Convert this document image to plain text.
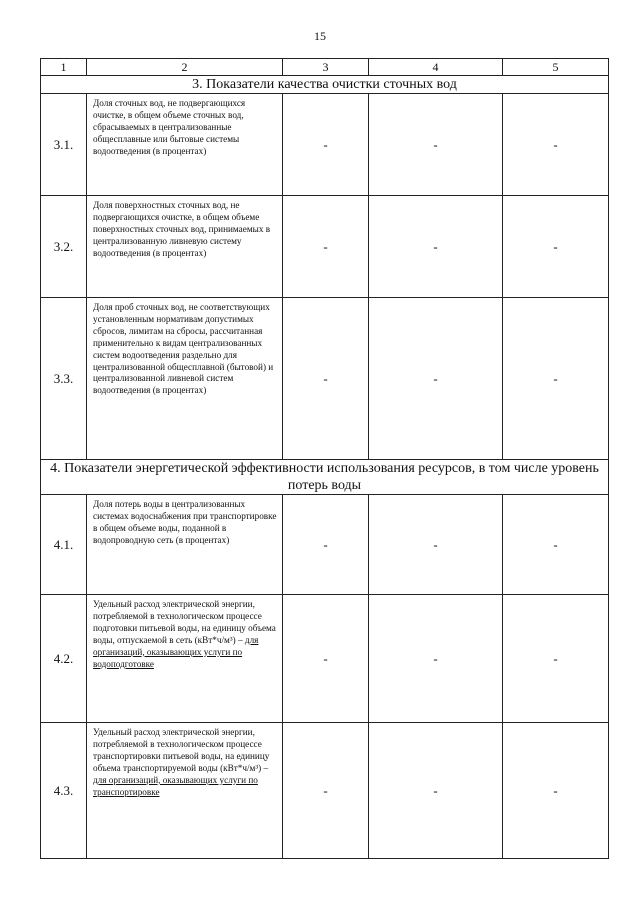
15
1	2	3	4	5
3. Показатели качества очистки сточных вод				
3.1.	Доля сточных вод, не подвергающихся очистке, в общем объеме сточных вод, сбрасываемых в централизованные общесплавные или бытовые системы водоотведения (в процентах)	-	-	-
3.2.	Доля поверхностных сточных вод, не подвергающихся очистке, в общем объеме поверхностных сточных вод, принимаемых в централизованную ливневую систему водоотведения (в процентах)	-	-	-
3.3.	Доля проб сточных вод, не соответствующих установленным нормативам допустимых сбросов, лимитам на сбросы, рассчитанная применительно к видам централизованных систем водоотведения раздельно для централизованной общесплавной (бытовой) и централизованной ливневой систем водоотведения (в процентах)	-	-	-
4. Показатели энергетической эффективности использования ресурсов, в том числе уровень потерь воды				
4.1.	Доля потерь воды в централизованных системах водоснабжения при транспортировке в общем объеме воды, поданной в водопроводную сеть (в процентах)	-	-	-
4.2.	Удельный расход электрической энергии, потребляемой в технологическом процессе подготовки питьевой воды, на единицу объема воды, отпускаемой в сеть (кВт*ч/м³) – для организаций, оказывающих услуги по водоподготовке	-	-	-
4.3.	Удельный расход электрической энергии, потребляемой в технологическом процессе транспортировки питьевой воды, на единицу объема транспортируемой воды (кВт*ч/м³) – для организаций, оказывающих услуги по транспортировке	-	-	-
